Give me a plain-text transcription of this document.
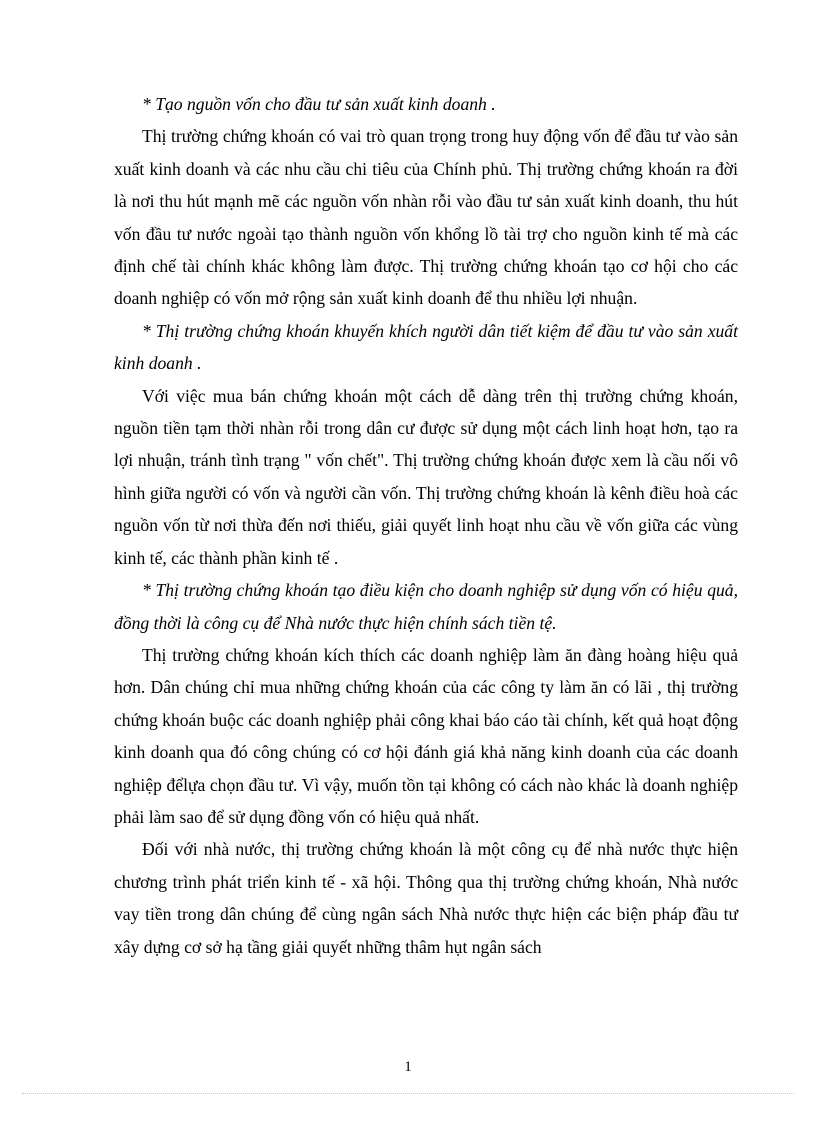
* Tạo nguồn vốn cho đầu tư sản xuất kinh doanh .

Thị trường chứng khoán có vai trò quan trọng trong huy động vốn để đầu tư vào sản xuất kinh doanh và các nhu cầu chi tiêu của Chính phủ. Thị trường chứng khoán ra đời là nơi thu hút mạnh mẽ các nguồn vốn nhàn rỗi vào đầu tư sản xuất kinh doanh, thu hút vốn đầu tư nước ngoài tạo thành nguồn vốn khổng lồ tài trợ cho nguồn kinh tế mà các định chế tài chính khác không làm được. Thị trường chứng khoán tạo cơ hội cho các doanh nghiệp có vốn mở rộng sản xuất kinh doanh để thu nhiều lợi nhuận.

* Thị trường chứng khoán khuyến khích người dân tiết kiệm để đầu tư vào sản xuất kinh doanh .

Với việc mua bán chứng khoán một cách dễ dàng trên thị trường chứng khoán, nguồn tiền tạm thời nhàn rỗi trong dân cư được sử dụng một cách linh hoạt hơn, tạo ra lợi nhuận, tránh tình trạng " vốn chết". Thị trường chứng khoán được xem là cầu nối vô hình giữa người có vốn và người cần vốn. Thị trường chứng khoán là kênh điều hoà các nguồn vốn từ nơi thừa đến nơi thiếu, giải quyết linh hoạt nhu cầu về vốn giữa các vùng kinh tế, các thành phần kinh tế .

* Thị trường chứng khoán tạo điều kiện cho doanh nghiệp sử dụng vốn có hiệu quả, đồng thời là công cụ để Nhà nước thực hiện chính sách tiền tệ.

Thị trường chứng khoán kích thích các doanh nghiệp làm ăn đàng hoàng hiệu quả hơn. Dân chúng chỉ mua những chứng khoán của các công ty làm ăn có lãi , thị trường chứng khoán buộc các doanh nghiệp phải công khai báo cáo tài chính, kết quả hoạt động kinh doanh qua đó công chúng có cơ hội đánh giá khả năng kinh doanh của các doanh nghiệp đểlựa chọn đầu tư. Vì vậy, muốn tồn tại không có cách nào khác là doanh nghiệp phải làm sao để sử dụng đồng vốn có hiệu quả nhất.

Đối với nhà nước, thị trường chứng khoán là một công cụ để nhà nước thực hiện chương trình phát triển kinh tế - xã hội. Thông qua thị trường chứng khoán, Nhà nước vay tiền trong dân chúng để cùng ngân sách Nhà nước thực hiện các biện pháp đầu tư xây dựng cơ sở hạ tầng giải quyết những thâm hụt ngân sách

1
